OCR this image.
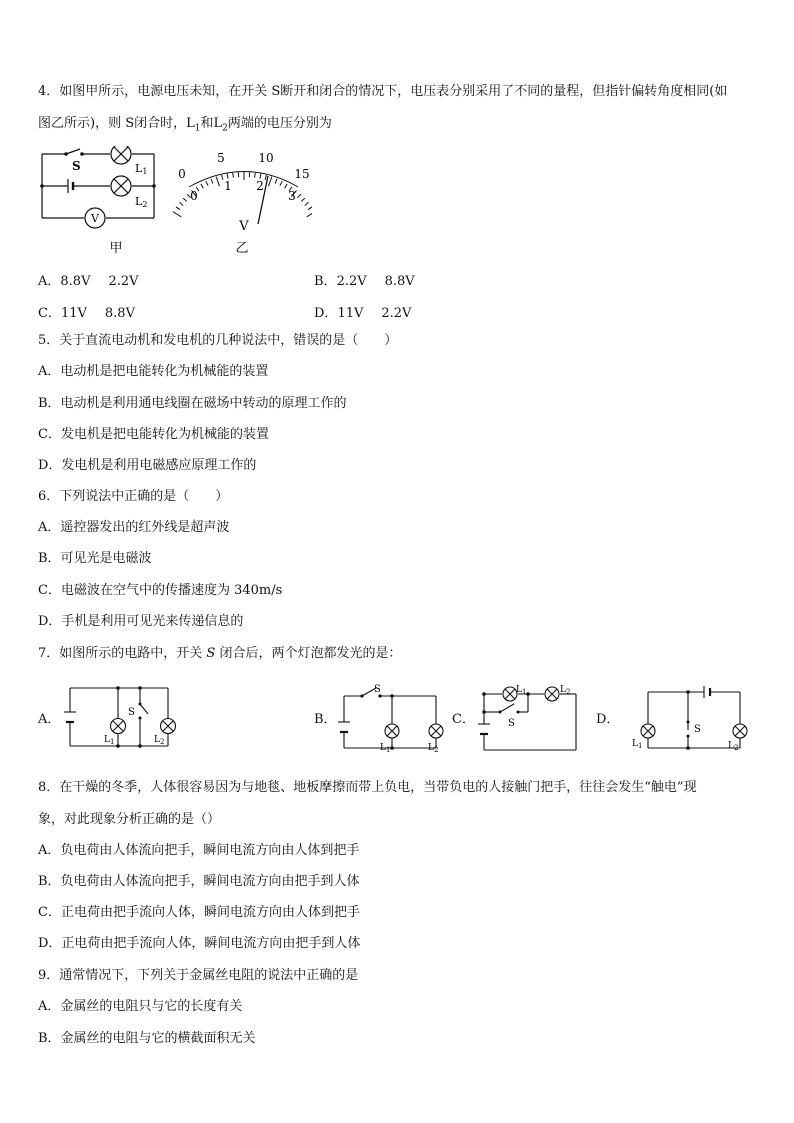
4．如图甲所示，电源电压未知，在开关 S断开和闭合的情况下，电压表分别采用了不同的量程，但指针偏转角度相同(如
图乙所示)，则 S闭合时，$L_1$和$L_2$两端的电压分别为
S	L1
L2
V
甲
0
5	10
15
0
1 2
3
V
乙
A．8.8V 2.2V	B．2.2V 8.8V
C．11V 8.8V	D．11V 2.2V
5．关于直流电动机和发电机的几种说法中，错误的是（　　）
A．电动机是把电能转化为机械能的装置
B．电动机是利用通电线圈在磁场中转动的原理工作的
C．发电机是把电能转化为机械能的装置
D．发电机是利用电磁感应原理工作的
6．下列说法中正确的是（　　）
A．遥控器发出的红外线是超声波
B．可见光是电磁波
C．电磁波在空气中的传播速度为 340m/s
D．手机是利用可见光来传递信息的
7．如图所示的电路中，开关 S 闭合后，两个灯泡都发光的是：
A．	B．	C．	D．
S
$L_1$	$L_2$
S
$L_1$	$L_2$
S
$L_1$	$L_2$
S
$L_1$	$L_2$
8．在干燥的冬季，人体很容易因为与地毯、地板摩擦而带上负电，当带负电的人接触门把手，往往会发生“触电”现
象，对此现象分析正确的是（）
A．负电荷由人体流向把手，瞬间电流方向由人体到把手
B．负电荷由人体流向把手，瞬间电流方向由把手到人体
C．正电荷由把手流向人体，瞬间电流方向由人体到把手
D．正电荷由把手流向人体，瞬间电流方向由把手到人体
9．通常情况下，下列关于金属丝电阻的说法中正确的是
A．金属丝的电阻只与它的长度有关
B．金属丝的电阻与它的横截面积无关
